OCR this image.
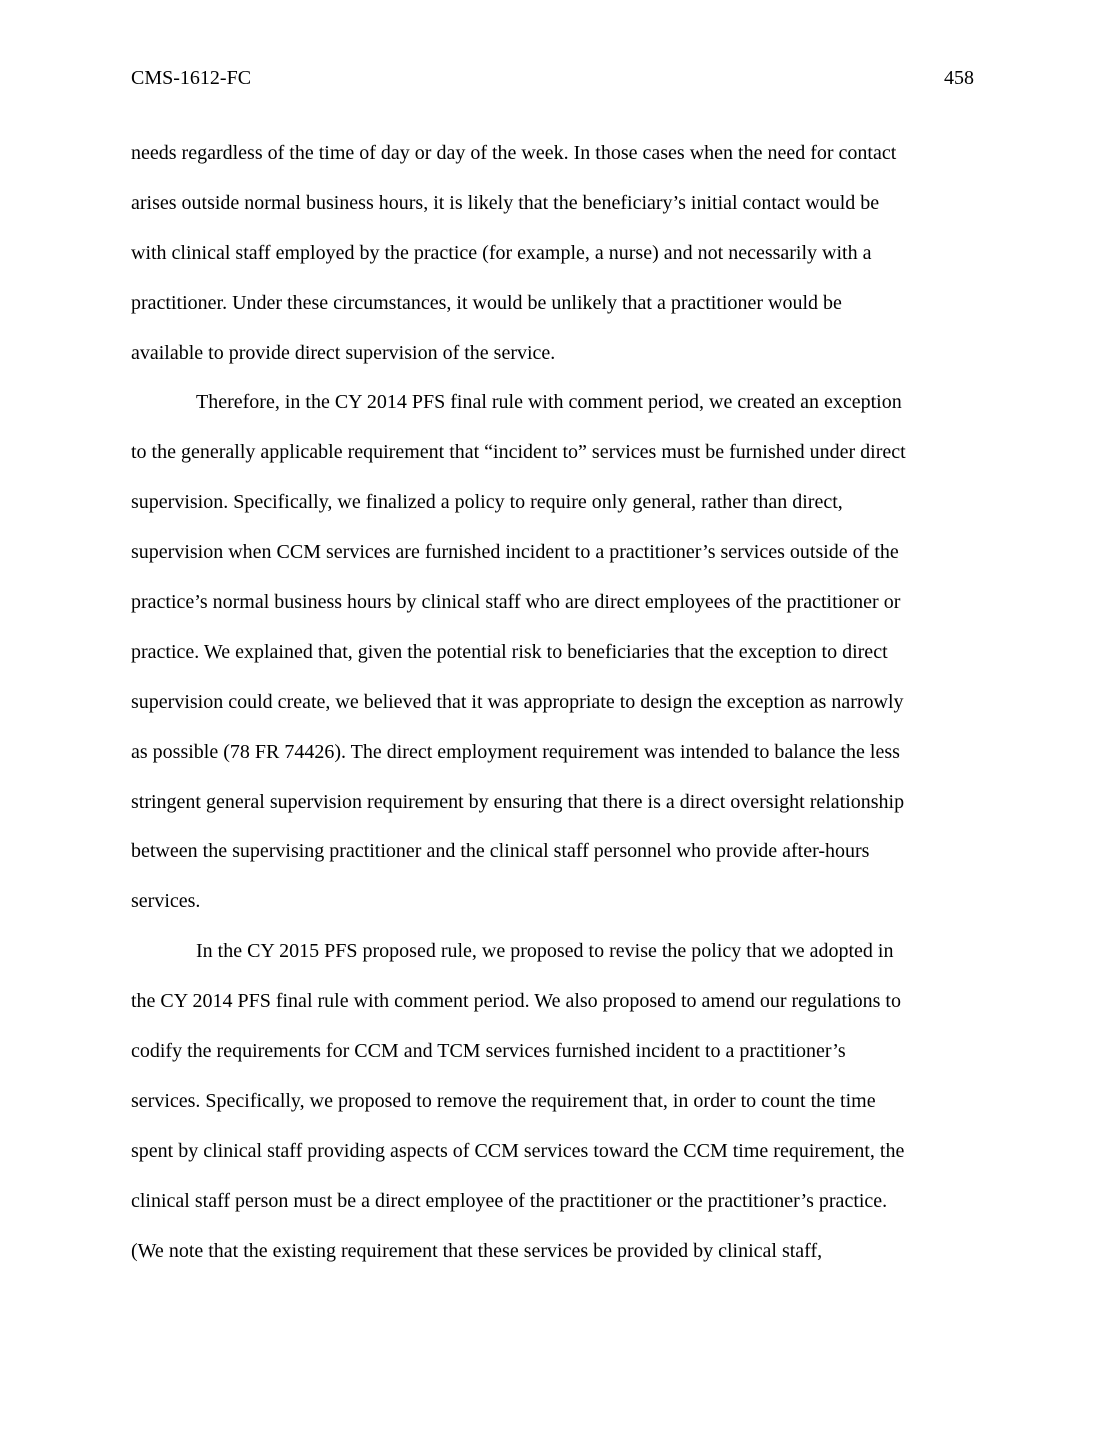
CMS-1612-FC	458
needs regardless of the time of day or day of the week. In those cases when the need for contact
arises outside normal business hours, it is likely that the beneficiary’s initial contact would be
with clinical staff employed by the practice (for example, a nurse) and not necessarily with a
practitioner. Under these circumstances, it would be unlikely that a practitioner would be
available to provide direct supervision of the service.
Therefore, in the CY 2014 PFS final rule with comment period, we created an exception
to the generally applicable requirement that “incident to” services must be furnished under direct
supervision. Specifically, we finalized a policy to require only general, rather than direct,
supervision when CCM services are furnished incident to a practitioner’s services outside of the
practice’s normal business hours by clinical staff who are direct employees of the practitioner or
practice. We explained that, given the potential risk to beneficiaries that the exception to direct
supervision could create, we believed that it was appropriate to design the exception as narrowly
as possible (78 FR 74426). The direct employment requirement was intended to balance the less
stringent general supervision requirement by ensuring that there is a direct oversight relationship
between the supervising practitioner and the clinical staff personnel who provide after-hours
services.
In the CY 2015 PFS proposed rule, we proposed to revise the policy that we adopted in
the CY 2014 PFS final rule with comment period. We also proposed to amend our regulations to
codify the requirements for CCM and TCM services furnished incident to a practitioner’s
services. Specifically, we proposed to remove the requirement that, in order to count the time
spent by clinical staff providing aspects of CCM services toward the CCM time requirement, the
clinical staff person must be a direct employee of the practitioner or the practitioner’s practice.
(We note that the existing requirement that these services be provided by clinical staff,
